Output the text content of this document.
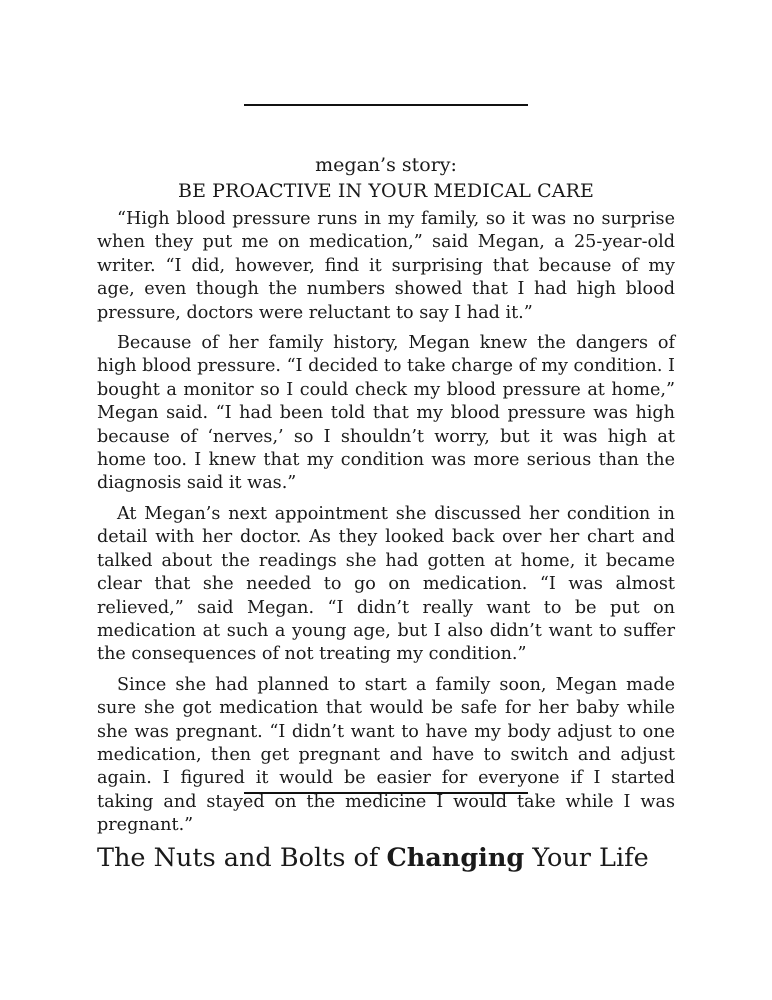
megan’s story:

BE PROACTIVE IN YOUR MEDICAL CARE

“High blood pressure runs in my family, so it was no surprise when they put me on medication,” said Megan, a 25-year-old writer. “I did, however, find it surprising that because of my age, even though the numbers showed that I had high blood pressure, doctors were reluctant to say I had it.”

Because of her family history, Megan knew the dangers of high blood pressure. “I decided to take charge of my condition. I bought a monitor so I could check my blood pressure at home,” Megan said. “I had been told that my blood pressure was high because of ‘nerves,’ so I shouldn’t worry, but it was high at home too. I knew that my condition was more serious than the diagnosis said it was.”

At Megan’s next appointment she discussed her condition in detail with her doctor. As they looked back over her chart and talked about the readings she had gotten at home, it became clear that she needed to go on medication. “I was almost relieved,” said Megan. “I didn’t really want to be put on medication at such a young age, but I also didn’t want to suffer the consequences of not treating my condition.”

Since she had planned to start a family soon, Megan made sure she got medication that would be safe for her baby while she was pregnant. “I didn’t want to have my body adjust to one medication, then get pregnant and have to switch and adjust again. I figured it would be easier for everyone if I started taking and stayed on the medicine I would take while I was pregnant.”

The Nuts and Bolts of Changing Your Life
